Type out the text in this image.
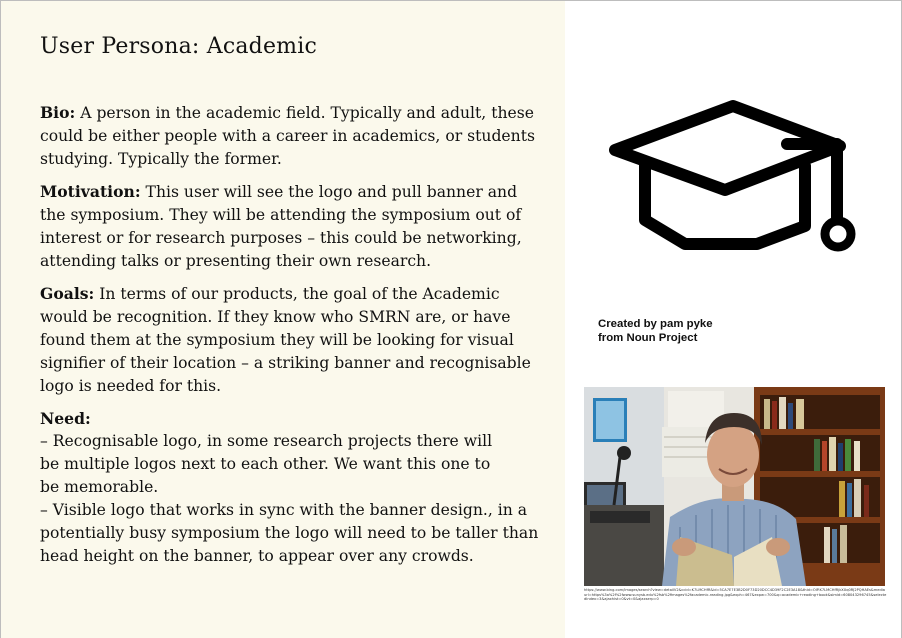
User Persona: Academic

Bio: A person in the academic field. Typically and adult, these could be either people with a career in academics, or students studying. Typically the former.

Motivation: This user will see the logo and pull banner and the symposium. They will be attending the symposium out of interest or for research purposes – this could be networking, attending talks or presenting their own research.

Goals: In terms of our products, the goal of the Academic would be recognition. If they know who SMRN are, or have found them at the symposium they will be looking for visual signifier of their location – a striking banner and recognisable logo is needed for this.

Need:
– Recognisable logo, in some research projects there will
be multiple logos next to each other. We want this one to
be memorable.
– Visible logo that works in sync with the banner design., in a potentially busy symposium the logo will need to be taller than head height on the banner, to appear over any crowds.

Created by pam pyke
from Noun Project
https://www.bing.com/images/search?view=detailV2&ccid=K7LMCHfR&id=5CA7E7E3B2D0F73D20DCC4D39F2C2E3A18&thid=OIP.K7LMCHfRjkXXq0RJ2PQHAEs&mediaurl=https%3a%2f%2fwww.sunysb.edu%2fsb%2fimages%2facademic-reading.jpg&exph=467&expw=700&q=academic+reading+book&simid=608043296745&selectedIndex=3&ajaxhist=0&vt=0&ajaxserp=0
